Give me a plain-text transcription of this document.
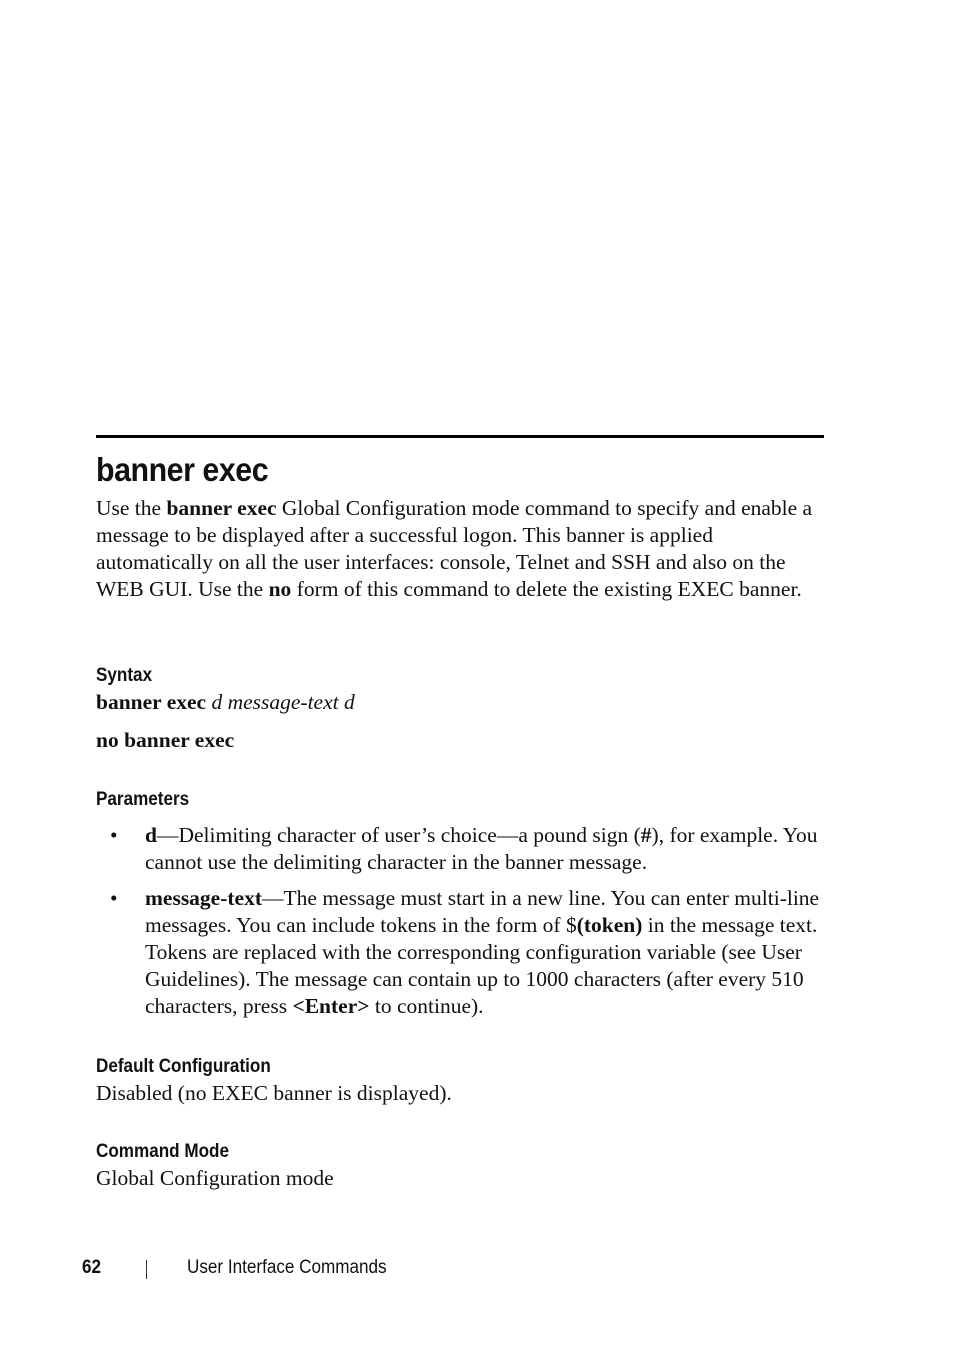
banner exec

Use the banner exec Global Configuration mode command to specify and enable a message to be displayed after a successful logon. This banner is applied automatically on all the user interfaces: console, Telnet and SSH and also on the WEB GUI. Use the no form of this command to delete the existing EXEC banner.

Syntax

banner exec d message-text d

no banner exec

Parameters
• d—Delimiting character of user’s choice—a pound sign (#), for example. You cannot use the delimiting character in the banner message.

• message-text—The message must start in a new line. You can enter multi-line messages. You can include tokens in the form of $(token) in the message text. Tokens are replaced with the corresponding configuration variable (see User Guidelines). The message can contain up to 1000 characters (after every 510 characters, press <Enter> to continue).

Default Configuration

Disabled (no EXEC banner is displayed).

Command Mode

Global Configuration mode

62	User Interface Commands
